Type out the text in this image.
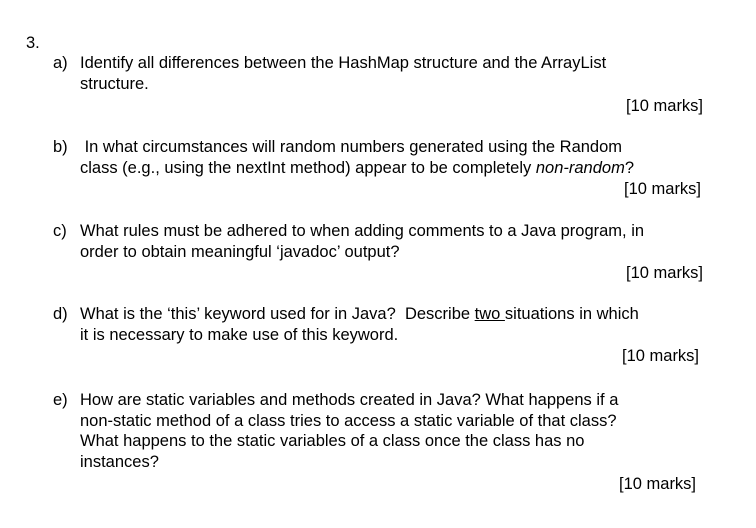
3.
a) Identify all differences between the HashMap structure and the ArrayList
structure.
[10 marks]
b) In what circumstances will random numbers generated using the Random
class (e.g., using the nextInt method) appear to be completely non-random?
[10 marks]
c) What rules must be adhered to when adding comments to a Java program, in
order to obtain meaningful ‘javadoc’ output?
[10 marks]
d) What is the ‘this’ keyword used for in Java?  Describe two situations in which
it is necessary to make use of this keyword.
[10 marks]
e) How are static variables and methods created in Java? What happens if a
non-static method of a class tries to access a static variable of that class?
What happens to the static variables of a class once the class has no
instances?
[10 marks]
